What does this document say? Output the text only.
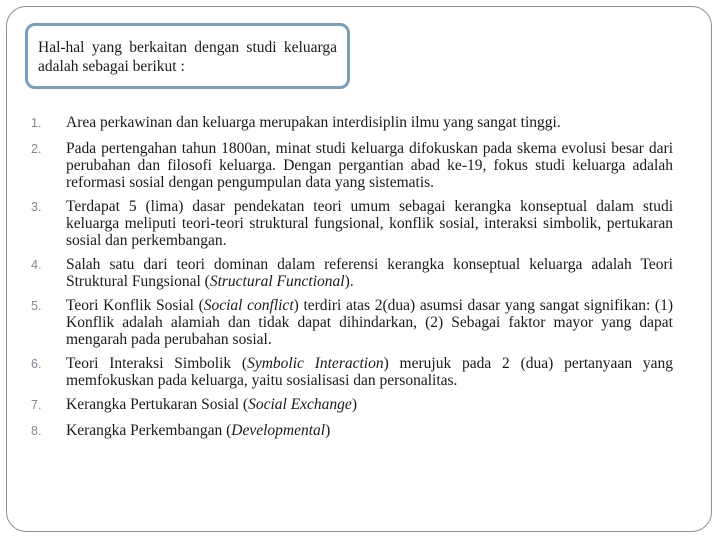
Hal-hal yang berkaitan dengan studi keluarga adalah sebagai berikut :

1.	Area perkawinan dan keluarga merupakan interdisiplin ilmu yang sangat tinggi.
2.	Pada pertengahan tahun 1800an, minat studi keluarga difokuskan pada skema evolusi besar dari perubahan dan filosofi keluarga. Dengan pergantian abad ke-19, fokus studi keluarga adalah reformasi sosial dengan pengumpulan data yang sistematis.
3.	Terdapat 5 (lima) dasar pendekatan teori umum sebagai kerangka konseptual dalam studi keluarga meliputi teori-teori struktural fungsional, konflik sosial, interaksi simbolik, pertukaran sosial dan perkembangan.
4.	Salah satu dari teori dominan dalam referensi kerangka konseptual keluarga adalah Teori Struktural Fungsional (Structural Functional).
5.	Teori Konflik Sosial (Social conflict) terdiri atas 2(dua) asumsi dasar yang sangat signifikan: (1) Konflik adalah alamiah dan tidak dapat dihindarkan, (2) Sebagai faktor mayor yang dapat mengarah pada perubahan sosial.
6.	Teori Interaksi Simbolik (Symbolic Interaction) merujuk pada 2 (dua) pertanyaan yang memfokuskan pada keluarga, yaitu sosialisasi dan personalitas.
7.	Kerangka Pertukaran Sosial (Social Exchange)
8.	Kerangka Perkembangan (Developmental)
